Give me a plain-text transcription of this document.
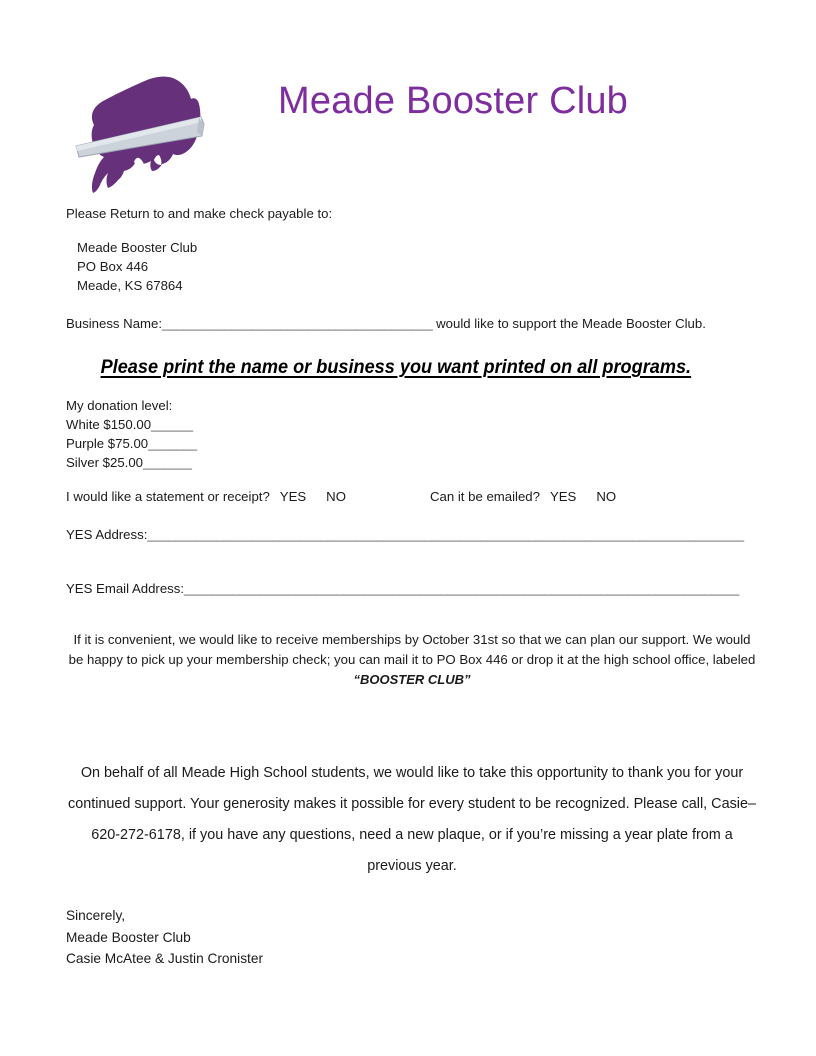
Meade Booster Club
Please Return to and make check payable to:
Meade Booster Club
PO Box 446
Meade, KS 67864
Business Name:_______________________________________ would like to support the Meade Booster Club.
Please print the name or business you want printed on all programs.
My donation level:
White $150.00______
Purple $75.00_______
Silver $25.00_______
I would like a statement or receipt? YES NO	Can it be emailed? YES NO
YES Address:______________________________________________________________________________________
YES Email Address:________________________________________________________________________________
If it is convenient, we would like to receive memberships by October 31st so that we can plan our support. We would be happy to pick up your membership check; you can mail it to PO Box 446 or drop it at the high school office, labeled “BOOSTER CLUB”
On behalf of all Meade High School students, we would like to take this opportunity to thank you for your continued support. Your generosity makes it possible for every student to be recognized. Please call, Casie– 620-272-6178, if you have any questions, need a new plaque, or if you’re missing a year plate from a previous year.
Sincerely,
Meade Booster Club
Casie McAtee & Justin Cronister
